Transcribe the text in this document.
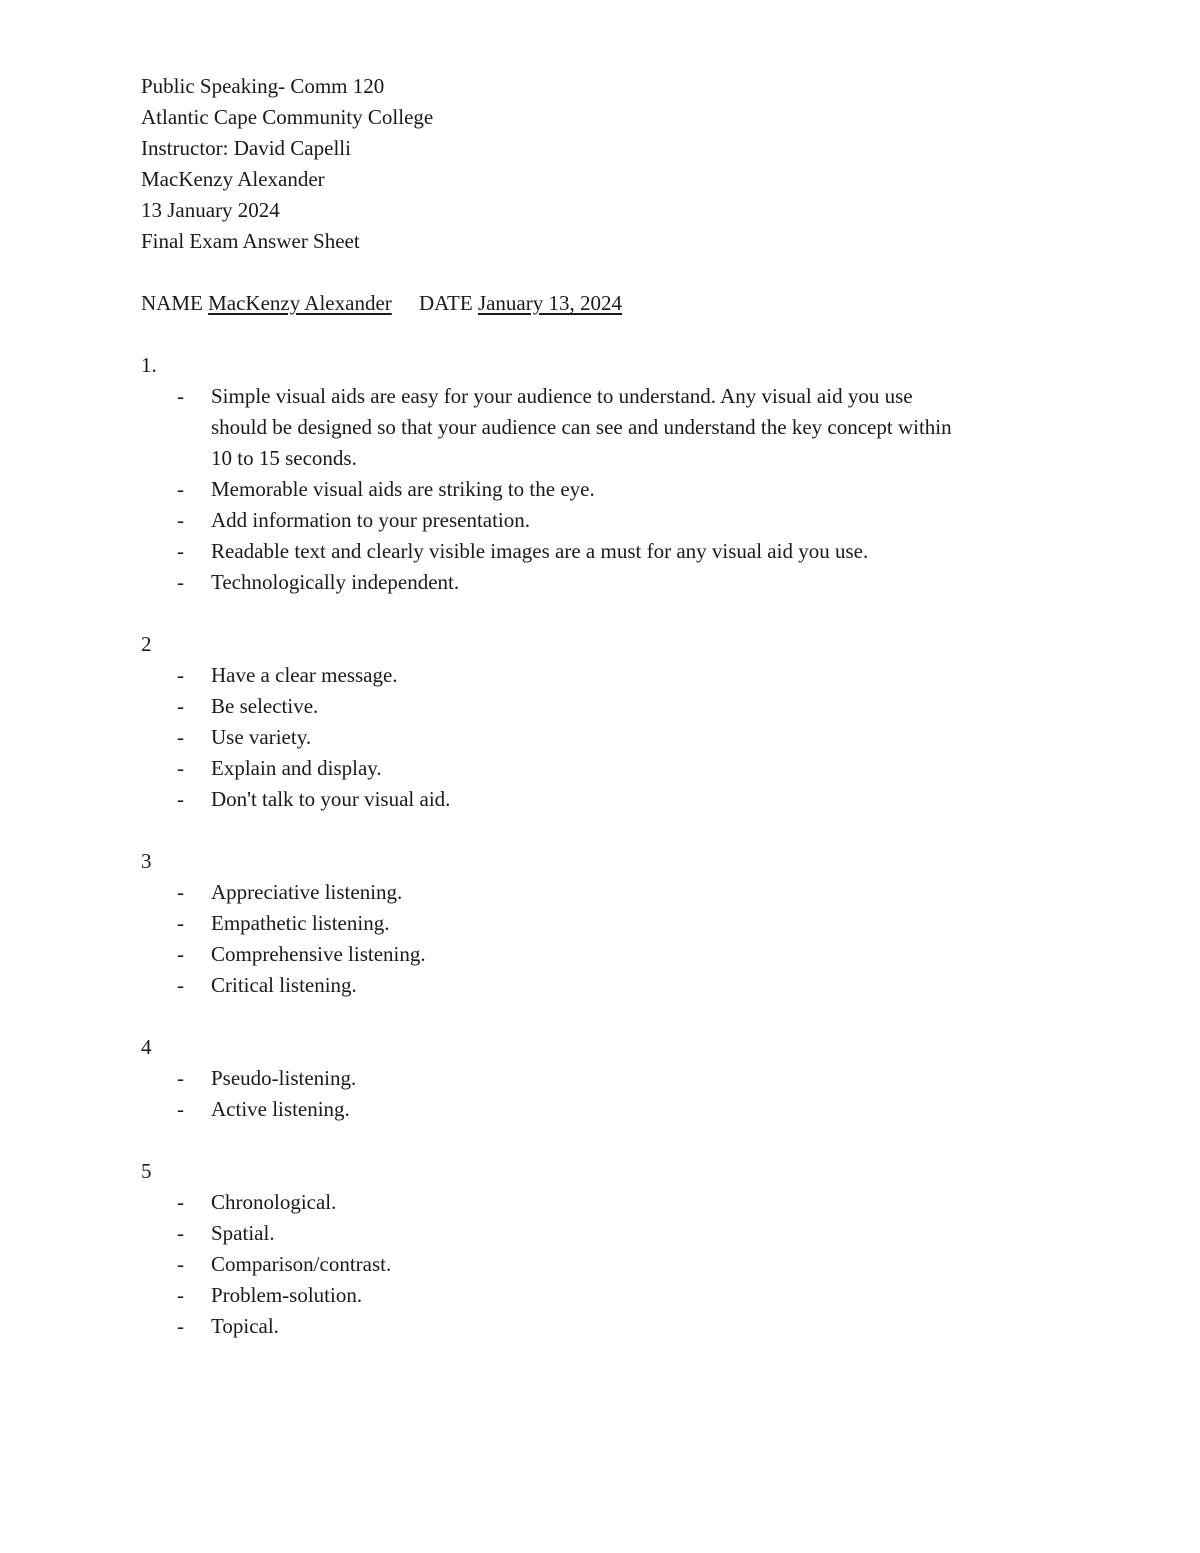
Public Speaking- Comm 120
Atlantic Cape Community College
Instructor: David Capelli
MacKenzy Alexander
13 January 2024
Final Exam Answer Sheet
NAME MacKenzy Alexander DATE January 13, 2024
1.
- Simple visual aids are easy for your audience to understand. Any visual aid you use
should be designed so that your audience can see and understand the key concept within
10 to 15 seconds.
- Memorable visual aids are striking to the eye.
- Add information to your presentation.
- Readable text and clearly visible images are a must for any visual aid you use.
- Technologically independent.
2
- Have a clear message.
- Be selective.
- Use variety.
- Explain and display.
- Don't talk to your visual aid.
3
- Appreciative listening.
- Empathetic listening.
- Comprehensive listening.
- Critical listening.
4
- Pseudo-listening.
- Active listening.
5
- Chronological.
- Spatial.
- Comparison/contrast.
- Problem-solution.
- Topical.
